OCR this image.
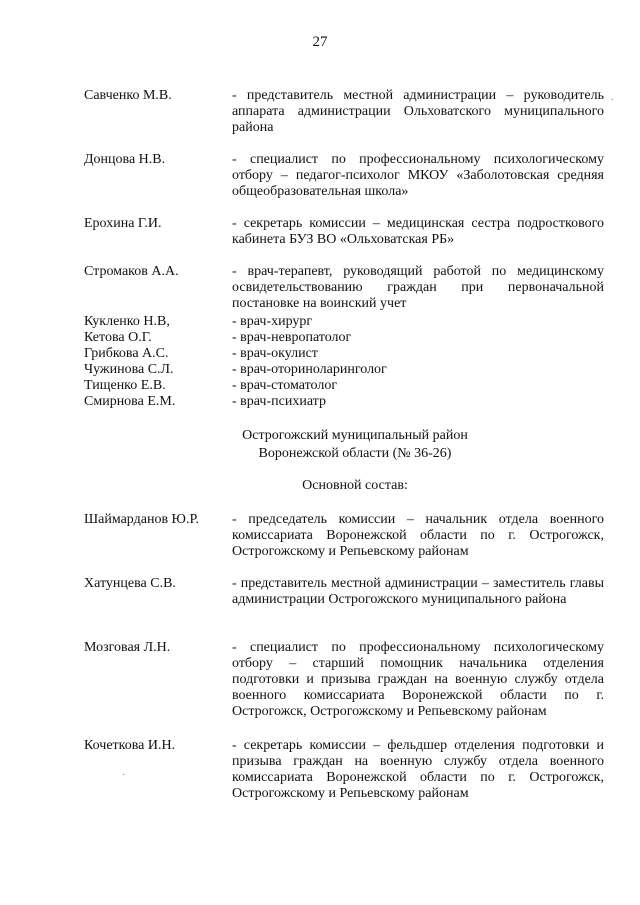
27
.
Савченко М.В.	- представитель местной администрации – руководитель аппарата администрации Ольховатского муниципального района
Донцова Н.В.	- специалист по профессиональному психологическому отбору – педагог-психолог МКОУ «Заболотовская средняя общеобразовательная школа»
Ерохина Г.И.	- секретарь комиссии – медицинская сестра подросткового кабинета БУЗ ВО «Ольховатская РБ»
Стромаков А.А.	- врач-терапевт, руководящий работой по медицинскому освидетельствованию граждан при первоначальной постановке на воинский учет
Кукленко Н.В,	- врач-хирург
Кетова О.Г.	- врач-невропатолог
Грибкова А.С.	- врач-окулист
Чужинова С.Л.	- врач-оториноларинголог
Тищенко Е.В.	- врач-стоматолог
Смирнова Е.М.	- врач-психиатр
Острогожский муниципальный район
Воронежской области (№ 36-26)
Основной состав:
Шаймарданов Ю.Р.	- председатель комиссии – начальник отдела военного комиссариата Воронежской области по г. Острогожск, Острогожскому и Репьевскому районам
Хатунцева С.В.	- представитель местной администрации – заместитель главы администрации Острогожского муниципального района
Мозговая Л.Н.	- специалист по профессиональному психологическому отбору – старший помощник начальника отделения подготовки и призыва граждан на военную службу отдела военного комиссариата Воронежской области по г. Острогожск, Острогожскому и Репьевскому районам
Кочеткова И.Н.	- секретарь комиссии – фельдшер отделения подготовки и призыва граждан на военную службу отдела военного комиссариата Воронежской области по г. Острогожск, Острогожскому и Репьевскому районам
·
